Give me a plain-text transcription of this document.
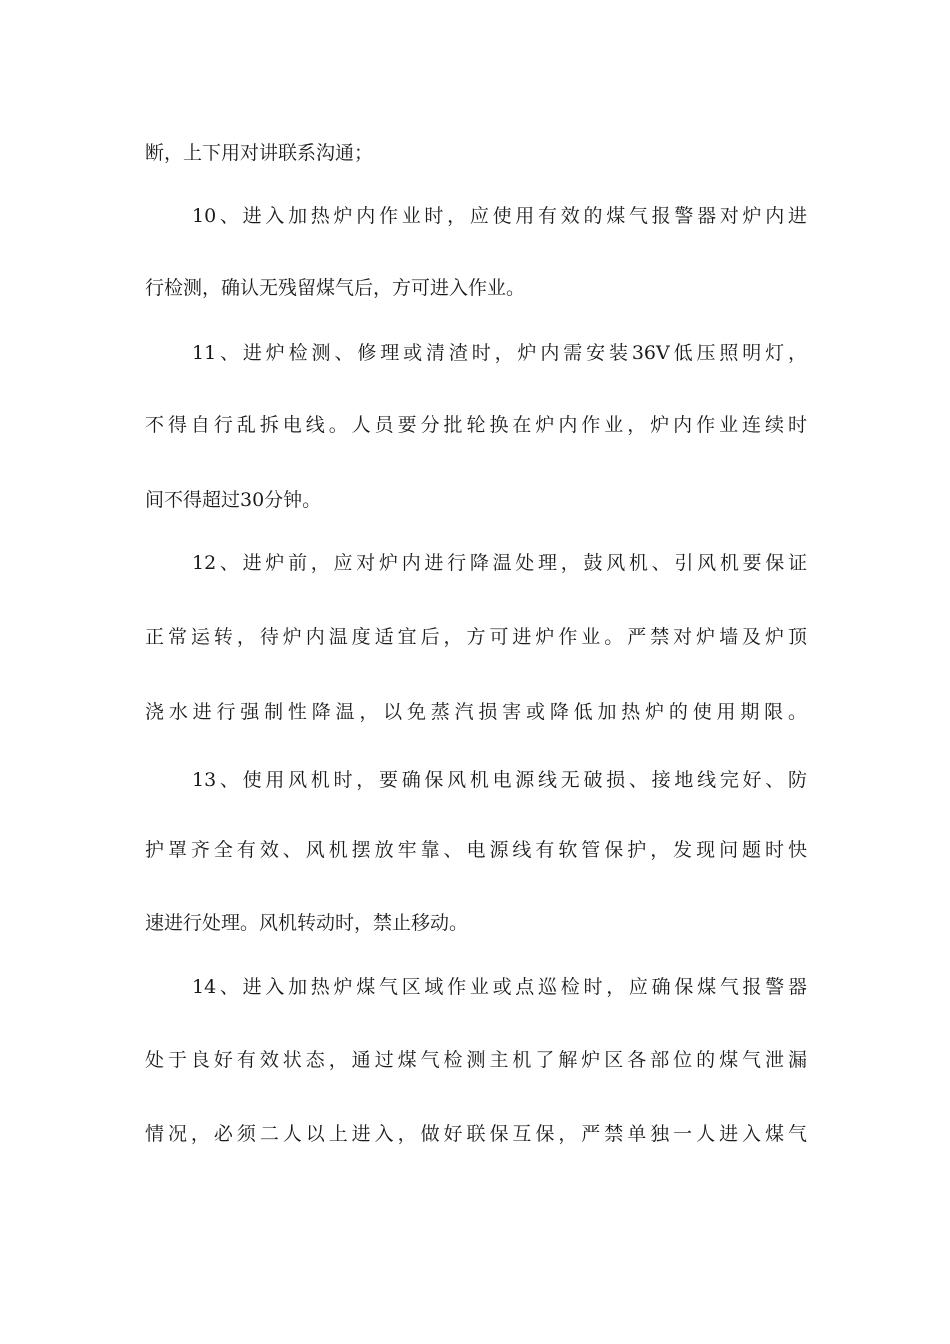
断，上下用对讲联系沟通；
10、进入加热炉内作业时，应使用有效的煤气报警器对炉内进
行检测，确认无残留煤气后，方可进入作业。
11、进炉检测、修理或清渣时，炉内需安装36V低压照明灯，
不得自行乱拆电线。人员要分批轮换在炉内作业，炉内作业连续时
间不得超过30分钟。
12、进炉前，应对炉内进行降温处理，鼓风机、引风机要保证
正常运转，待炉内温度适宜后，方可进炉作业。严禁对炉墙及炉顶
浇水进行强制性降温，以免蒸汽损害或降低加热炉的使用期限。
13、使用风机时，要确保风机电源线无破损、接地线完好、防
护罩齐全有效、风机摆放牢靠、电源线有软管保护，发现问题时快
速进行处理。风机转动时，禁止移动。
14、进入加热炉煤气区域作业或点巡检时，应确保煤气报警器
处于良好有效状态，通过煤气检测主机了解炉区各部位的煤气泄漏
情况，必须二人以上进入，做好联保互保，严禁单独一人进入煤气
